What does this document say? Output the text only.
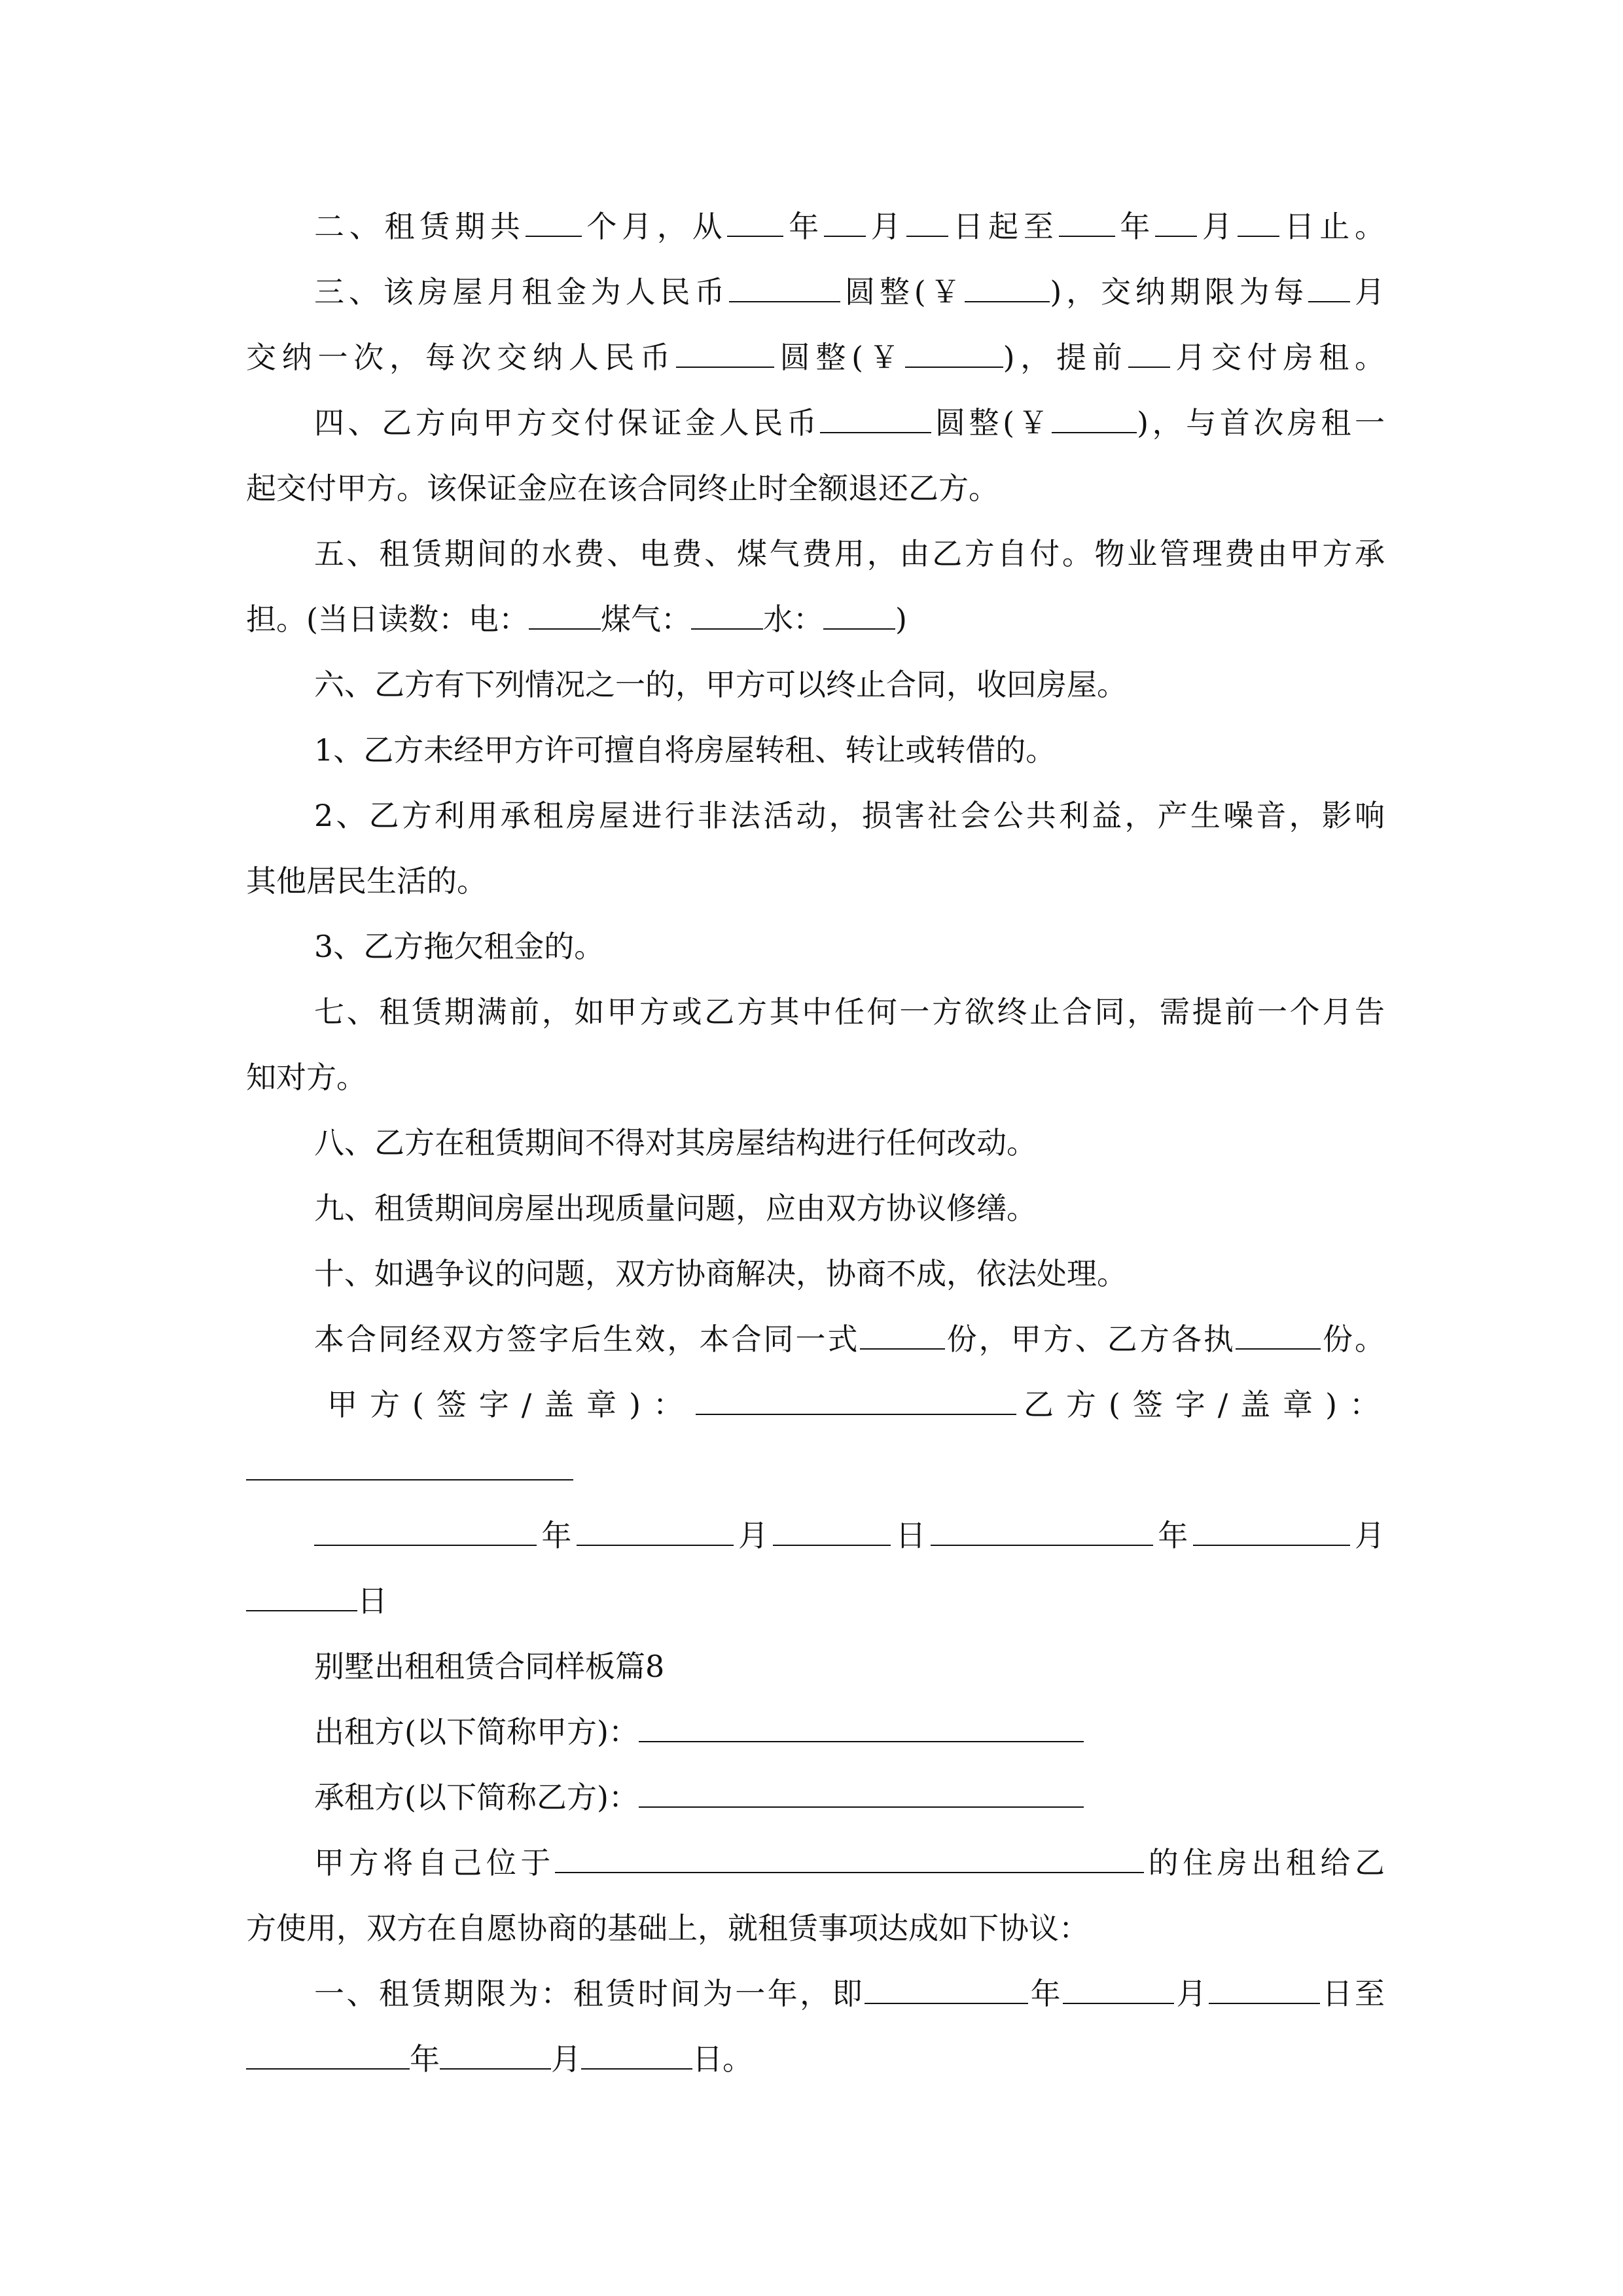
二、租赁期共 个月，从 年 月 日起至 年 月 日止。
三、该房屋月租金为人民币	圆整(￥	)，交纳期限为每 月
交纳一次，每次交纳人民币	圆整(￥	)，提前 月交付房租。
四、乙方向甲方交付保证金人民币	圆整(￥	)，与首次房租一
起交付甲方。该保证金应在该合同终止时全额退还乙方。
五、租赁期间的水费、电费、煤气费用，由乙方自付。物业管理费由甲方承
担。(当日读数：电： 煤气： 水： )
六、乙方有下列情况之一的，甲方可以终止合同，收回房屋。
1、乙方未经甲方许可擅自将房屋转租、转让或转借的。
2、乙方利用承租房屋进行非法活动，损害社会公共利益，产生噪音，影响
其他居民生活的。
3、乙方拖欠租金的。
七、租赁期满前，如甲方或乙方其中任何一方欲终止合同，需提前一个月告
知对方。
八、乙方在租赁期间不得对其房屋结构进行任何改动。
九、租赁期间房屋出现质量问题，应由双方协议修缮。
十、如遇争议的问题，双方协商解决，协商不成，依法处理。
本合同经双方签字后生效，本合同一式	份，甲方、乙方各执	份。
甲方(签字/盖章)：	乙方(签字/盖章)：
年	月	日	年	月
日
别墅出租租赁合同样板篇8
出租方(以下简称甲方)：
承租方(以下简称乙方)：
甲方将自己位于	的住房出租给乙
方使用，双方在自愿协商的基础上，就租赁事项达成如下协议：
一、租赁期限为：租赁时间为一年，即	年	月	日至
年	月	日。
